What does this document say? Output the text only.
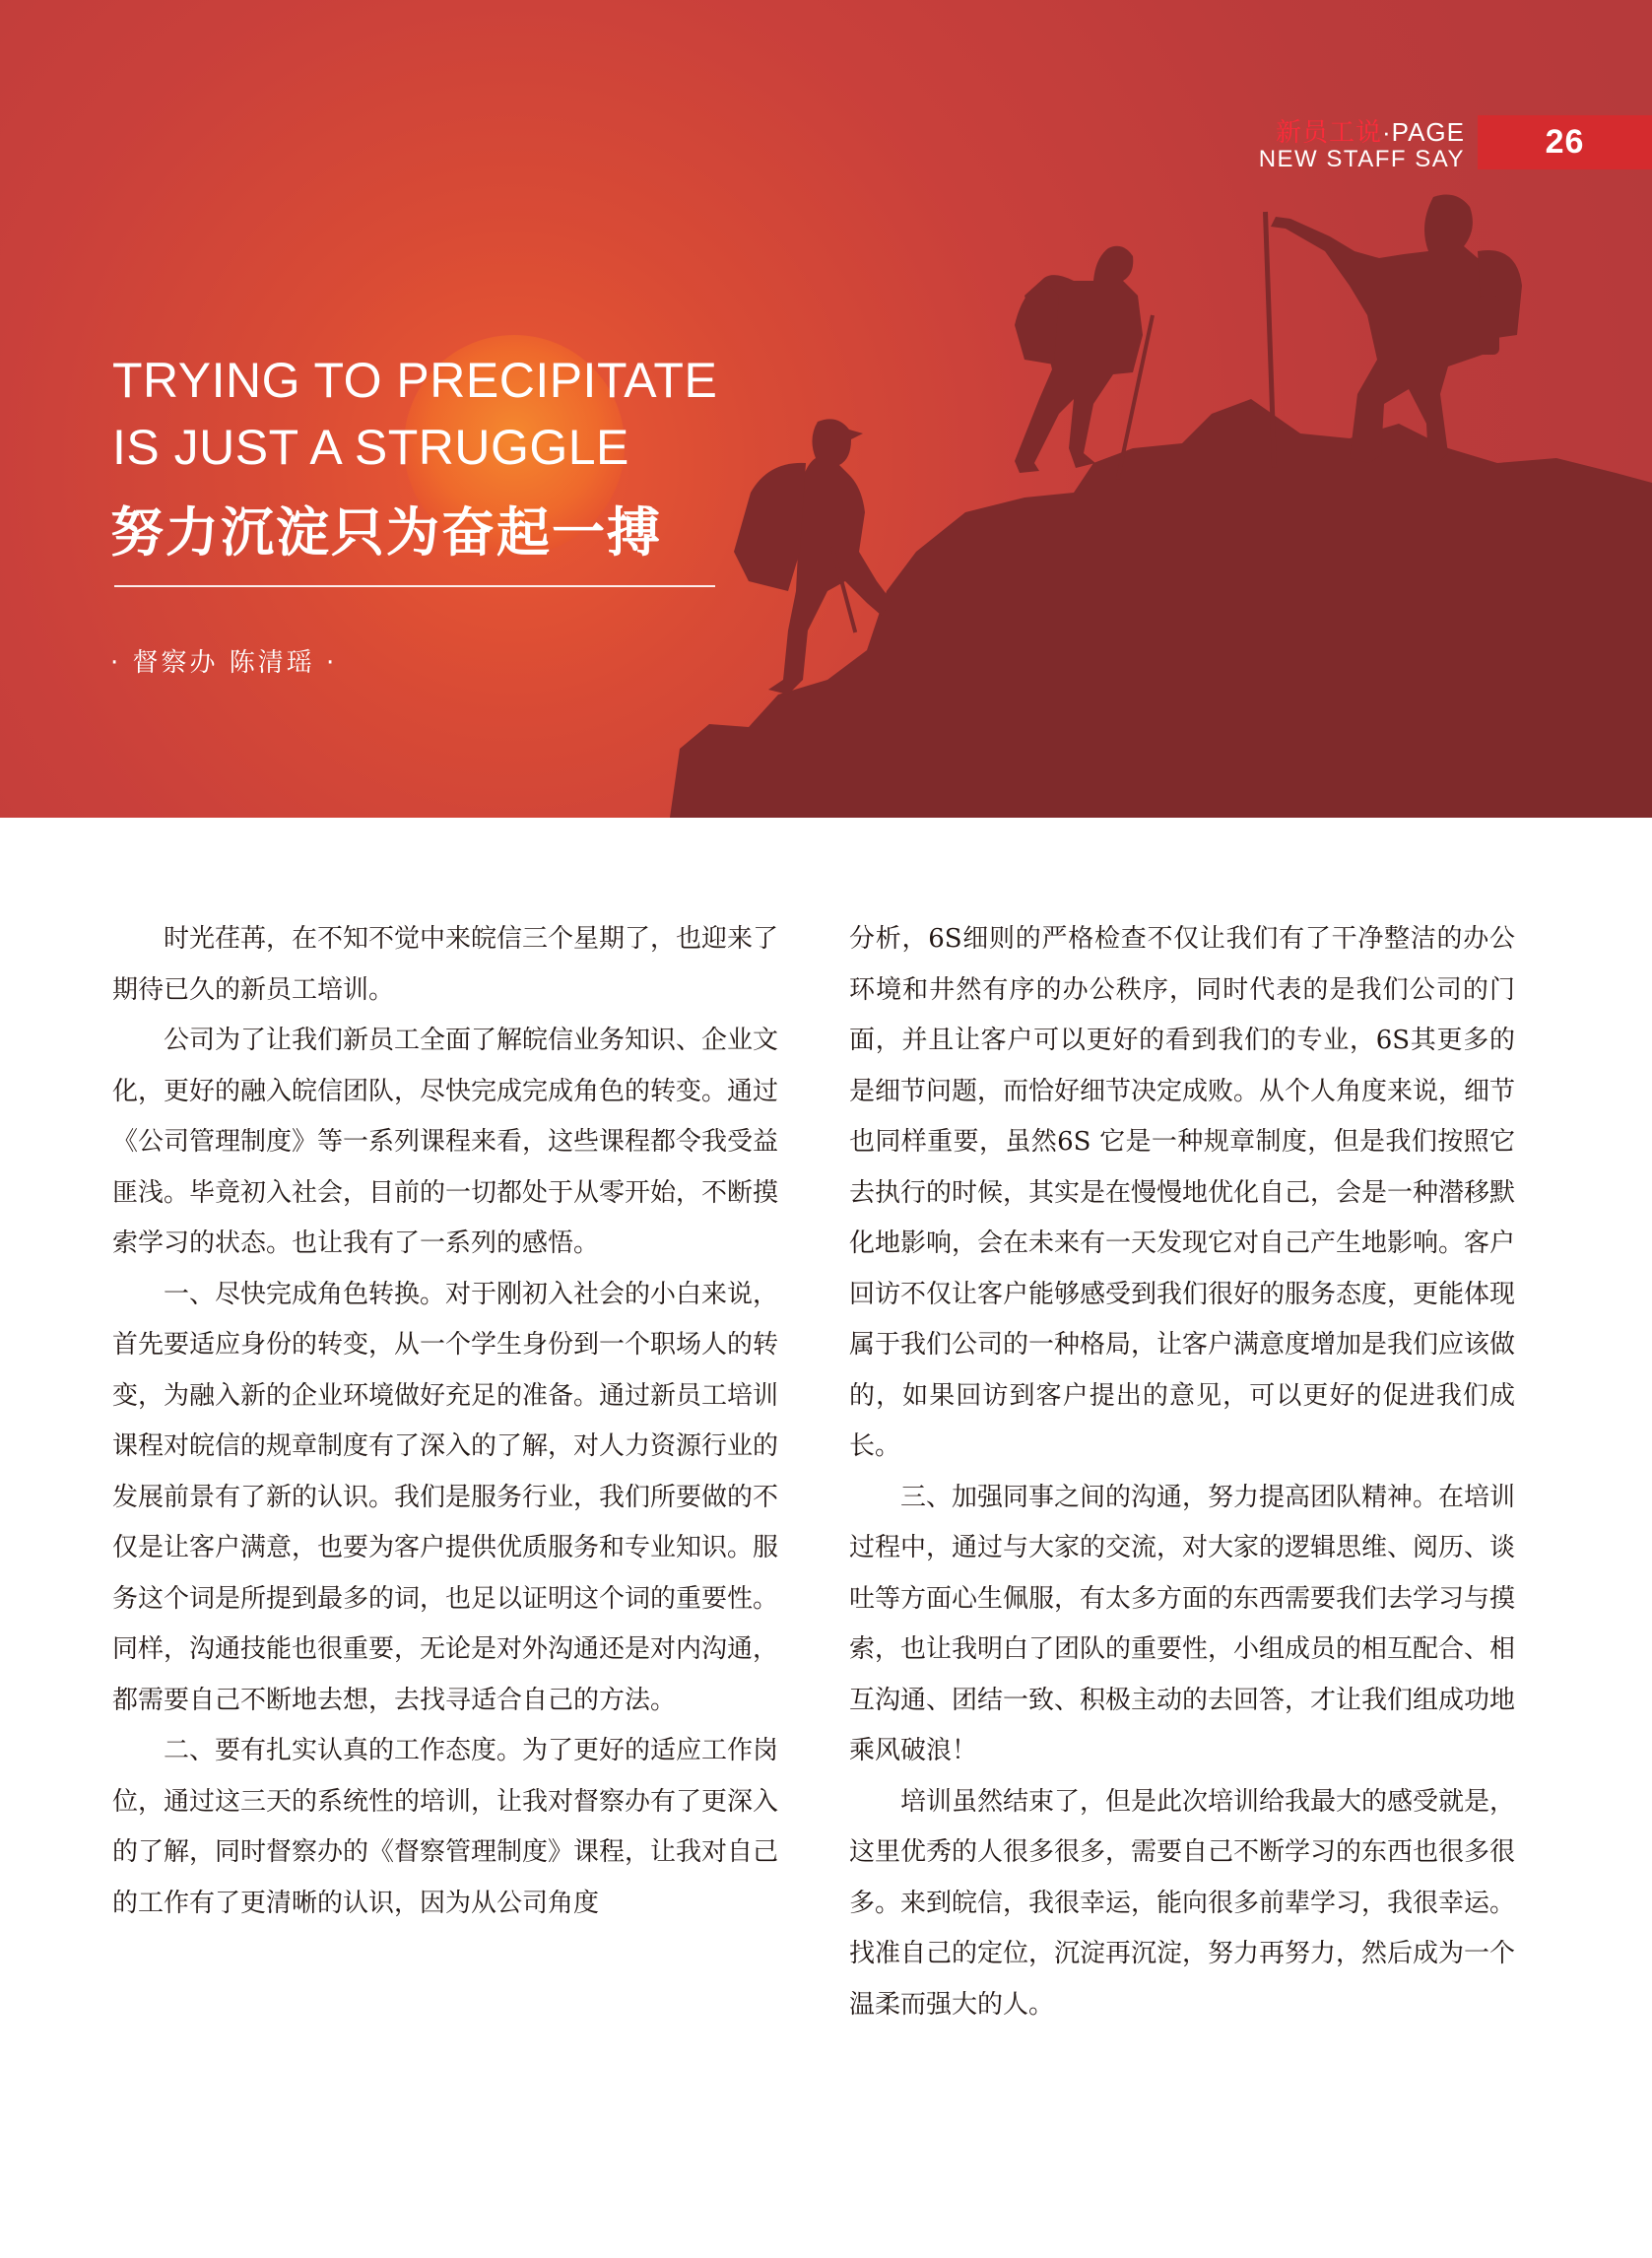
新员工说·PAGE
NEW STAFF SAY 26
TRYING TO PRECIPITATE
IS JUST A STRUGGLE
努力沉淀只为奋起一搏
· 督察办 陈清瑶 ·

时光荏苒，在不知不觉中来皖信三个星期了，也迎来了期待已久的新员工培训。

公司为了让我们新员工全面了解皖信业务知识、企业文化，更好的融入皖信团队，尽快完成完成角色的转变。通过《公司管理制度》等一系列课程来看，这些课程都令我受益匪浅。毕竟初入社会，目前的一切都处于从零开始，不断摸索学习的状态。也让我有了一系列的感悟。

一、尽快完成角色转换。对于刚初入社会的小白来说，首先要适应身份的转变，从一个学生身份到一个职场人的转变，为融入新的企业环境做好充足的准备。通过新员工培训课程对皖信的规章制度有了深入的了解，对人力资源行业的发展前景有了新的认识。我们是服务行业，我们所要做的不仅是让客户满意，也要为客户提供优质服务和专业知识。服务这个词是所提到最多的词，也足以证明这个词的重要性。同样，沟通技能也很重要，无论是对外沟通还是对内沟通，都需要自己不断地去想，去找寻适合自己的方法。

二、要有扎实认真的工作态度。为了更好的适应工作岗位，通过这三天的系统性的培训，让我对督察办有了更深入的了解，同时督察办的《督察管理制度》课程，让我对自己的工作有了更清晰的认识，因为从公司角度

分析，6S细则的严格检查不仅让我们有了干净整洁的办公环境和井然有序的办公秩序，同时代表的是我们公司的门面，并且让客户可以更好的看到我们的专业，6S其更多的是细节问题，而恰好细节决定成败。从个人角度来说，细节也同样重要，虽然6S 它是一种规章制度，但是我们按照它去执行的时候，其实是在慢慢地优化自己，会是一种潜移默化地影响，会在未来有一天发现它对自己产生地影响。客户回访不仅让客户能够感受到我们很好的服务态度，更能体现属于我们公司的一种格局，让客户满意度增加是我们应该做的，如果回访到客户提出的意见，可以更好的促进我们成长。

三、加强同事之间的沟通，努力提高团队精神。在培训过程中，通过与大家的交流，对大家的逻辑思维、阅历、谈吐等方面心生佩服，有太多方面的东西需要我们去学习与摸索，也让我明白了团队的重要性，小组成员的相互配合、相互沟通、团结一致、积极主动的去回答，才让我们组成功地乘风破浪！

培训虽然结束了，但是此次培训给我最大的感受就是，这里优秀的人很多很多，需要自己不断学习的东西也很多很多。来到皖信，我很幸运，能向很多前辈学习，我很幸运。找准自己的定位，沉淀再沉淀，努力再努力，然后成为一个温柔而强大的人。
